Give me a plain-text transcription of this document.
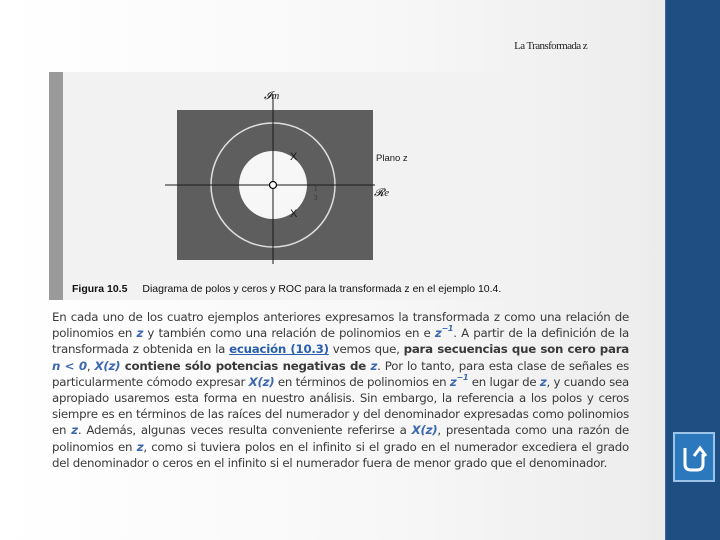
La Transformada z
X
X
1
3
𝓘m
𝓡e
Plano z
Figura 10.5 Diagrama de polos y ceros y ROC para la transformada z en el ejemplo 10.4.
En cada uno de los cuatro ejemplos anteriores expresamos la transformada z como una relación de polinomios en z y también como una relación de polinomios en e $z^{-1}$. A partir de la definición de la transformada z obtenida en la ecuación (10.3) vemos que, para secuencias que son cero para n < 0, X(z) contiene sólo potencias negativas de z. Por lo tanto, para esta clase de señales es particularmente cómodo expresar X(z) en términos de polinomios en $z^{-1}$ en lugar de z, y cuando sea apropiado usaremos esta forma en nuestro análisis. Sin embargo, la referencia a los polos y ceros siempre es en términos de las raíces del numerador y del denominador expresadas como polinomios en z. Además, algunas veces resulta conveniente referirse a X(z), presentada como una razón de polinomios en z, como si tuviera polos en el infinito si el grado en el numerador excediera el grado del denominador o ceros en el infinito si el numerador fuera de menor grado que el denominador.
